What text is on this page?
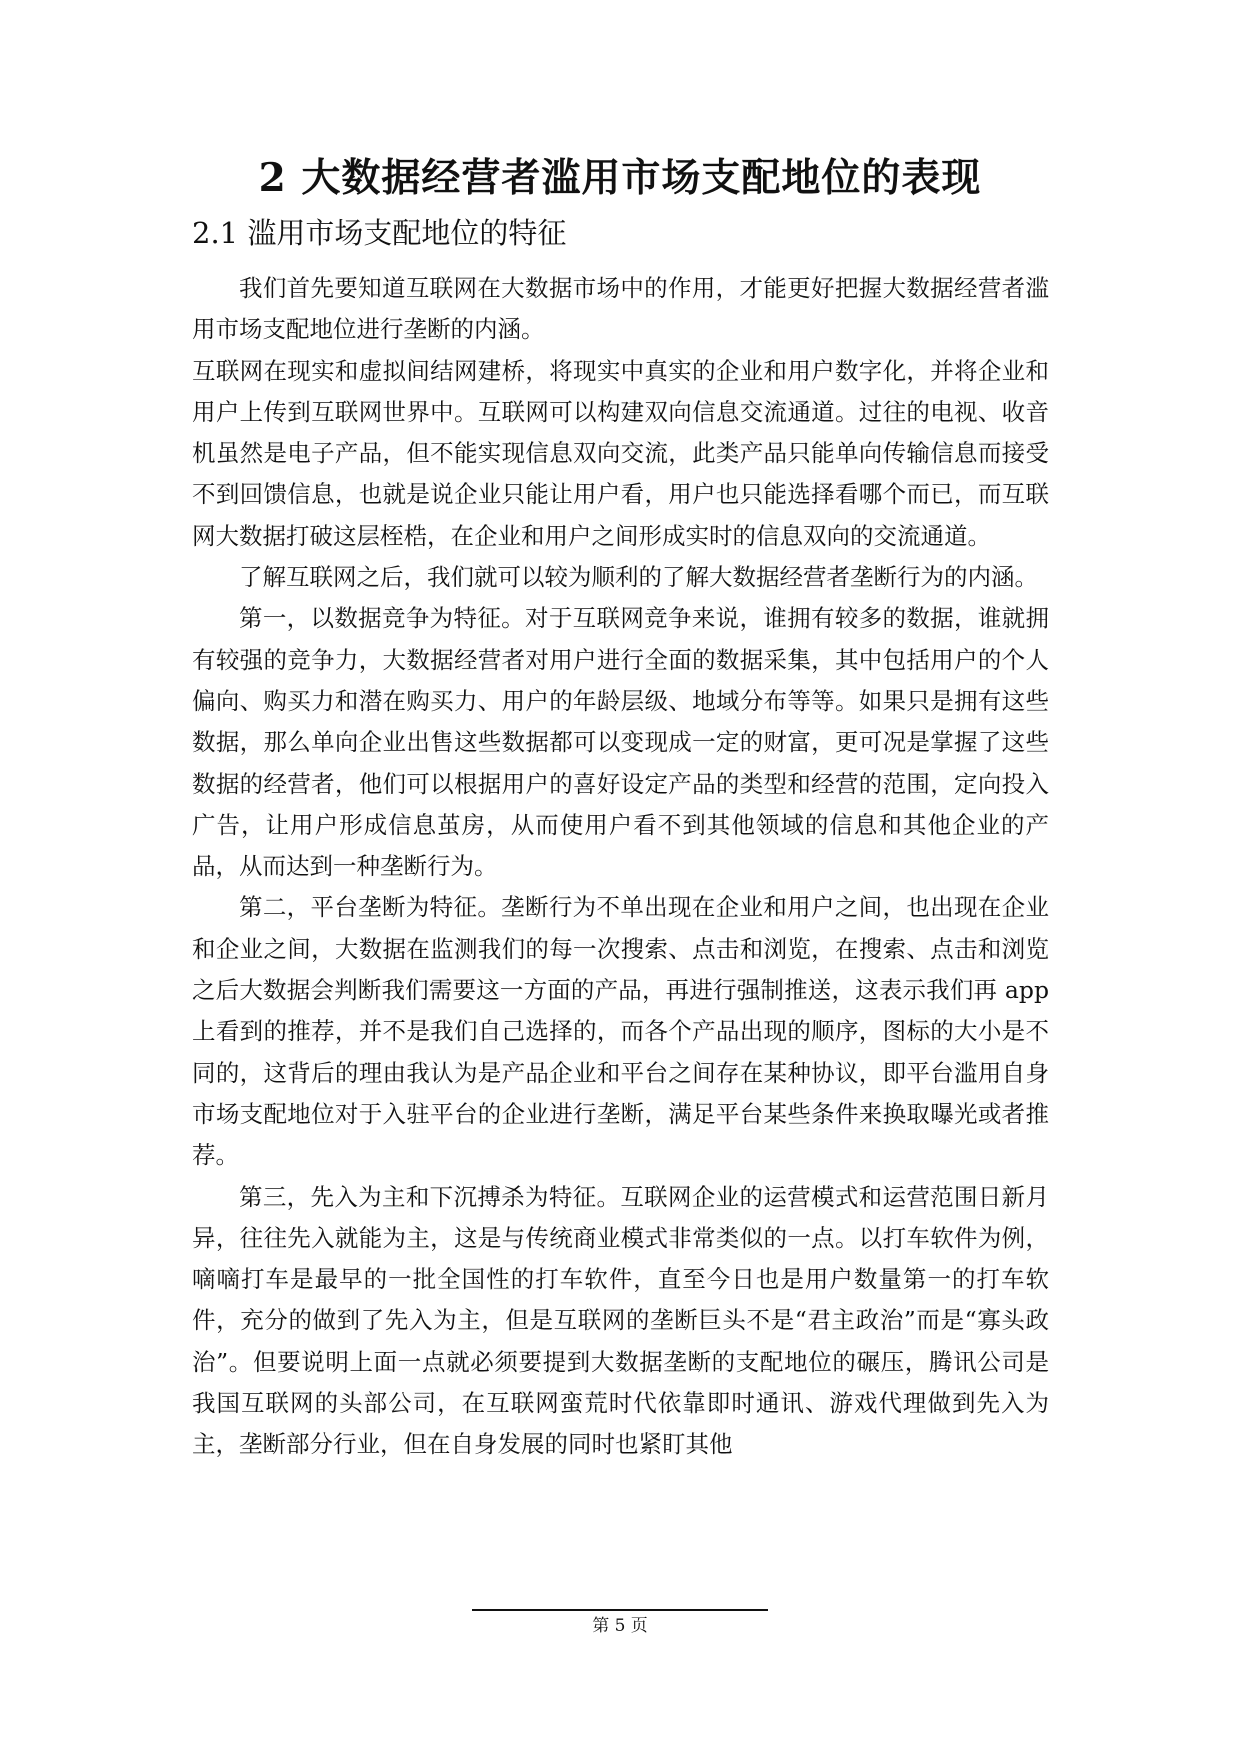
2 大数据经营者滥用市场支配地位的表现
2.1 滥用市场支配地位的特征

我们首先要知道互联网在大数据市场中的作用，才能更好把握大数据经营者滥用市场支配地位进行垄断的内涵。

互联网在现实和虚拟间结网建桥，将现实中真实的企业和用户数字化，并将企业和用户上传到互联网世界中。互联网可以构建双向信息交流通道。过往的电视、收音机虽然是电子产品，但不能实现信息双向交流，此类产品只能单向传输信息而接受不到回馈信息，也就是说企业只能让用户看，用户也只能选择看哪个而已，而互联网大数据打破这层桎梏，在企业和用户之间形成实时的信息双向的交流通道。

了解互联网之后，我们就可以较为顺利的了解大数据经营者垄断行为的内涵。

第一，以数据竞争为特征。对于互联网竞争来说，谁拥有较多的数据，谁就拥有较强的竞争力，大数据经营者对用户进行全面的数据采集，其中包括用户的个人偏向、购买力和潜在购买力、用户的年龄层级、地域分布等等。如果只是拥有这些数据，那么单向企业出售这些数据都可以变现成一定的财富，更可况是掌握了这些数据的经营者，他们可以根据用户的喜好设定产品的类型和经营的范围，定向投入广告，让用户形成信息茧房，从而使用户看不到其他领域的信息和其他企业的产品，从而达到一种垄断行为。

第二，平台垄断为特征。垄断行为不单出现在企业和用户之间，也出现在企业和企业之间，大数据在监测我们的每一次搜索、点击和浏览，在搜索、点击和浏览之后大数据会判断我们需要这一方面的产品，再进行强制推送，这表示我们再 app 上看到的推荐，并不是我们自己选择的，而各个产品出现的顺序，图标的大小是不同的，这背后的理由我认为是产品企业和平台之间存在某种协议，即平台滥用自身市场支配地位对于入驻平台的企业进行垄断，满足平台某些条件来换取曝光或者推荐。

第三，先入为主和下沉搏杀为特征。互联网企业的运营模式和运营范围日新月异，往往先入就能为主，这是与传统商业模式非常类似的一点。以打车软件为例，嘀嘀打车是最早的一批全国性的打车软件，直至今日也是用户数量第一的打车软件，充分的做到了先入为主，但是互联网的垄断巨头不是“君主政治”而是“寡头政治”。但要说明上面一点就必须要提到大数据垄断的支配地位的碾压，腾讯公司是我国互联网的头部公司，在互联网蛮荒时代依靠即时通讯、游戏代理做到先入为主，垄断部分行业，但在自身发展的同时也紧盯其他

第 5 页
